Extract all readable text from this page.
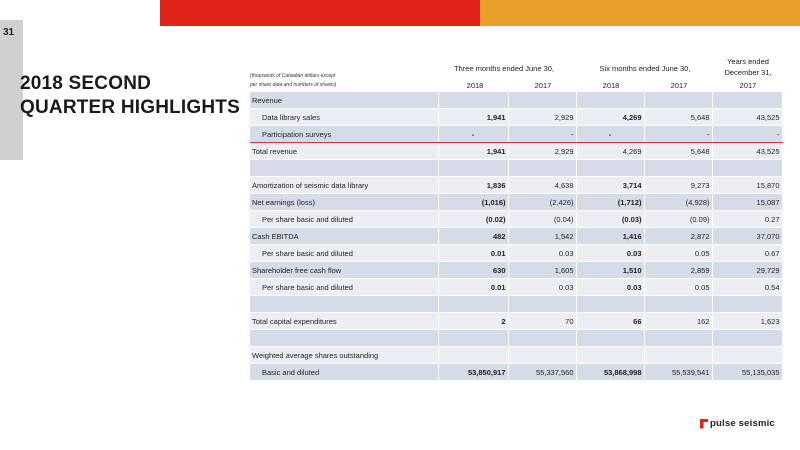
31
2018 SECOND
QUARTER HIGHLIGHTS
(thousands of Canadian dollars except
per share data and numbers of shares)
Three months ended June 30,	Six months ended June 30,
Years ended
December 31,
2018	2017	2018	2017	2017
Revenue					
Data library sales	1,941	2,929	4,269	5,648	43,525
Participation surveys	-	-	-	-	-
Total revenue	1,941	2,929	4,269	5,648	43,525

Amortization of seismic data library	1,836	4,638	3,714	9,273	15,870
Net earnings (loss)	(1,016)	(2,426)	(1,712)	(4,928)	15,087
Per share basic and diluted	(0.02)	(0.04)	(0.03)	(0.09)	0.27
Cash EBITDA	482	1,542	1,416	2,872	37,070
Per share basic and diluted	0.01	0.03	0.03	0.05	0.67
Shareholder free cash flow	630	1,605	1,510	2,859	29,729
Per share basic and diluted	0.01	0.03	0.03	0.05	0.54

Total capital expenditures	2	70	66	162	1,623

Weighted average shares outstanding					
Basic and diluted	53,850,917	55,337,560	53,868,998	55,539,541	55,135,035
pulse seismic
